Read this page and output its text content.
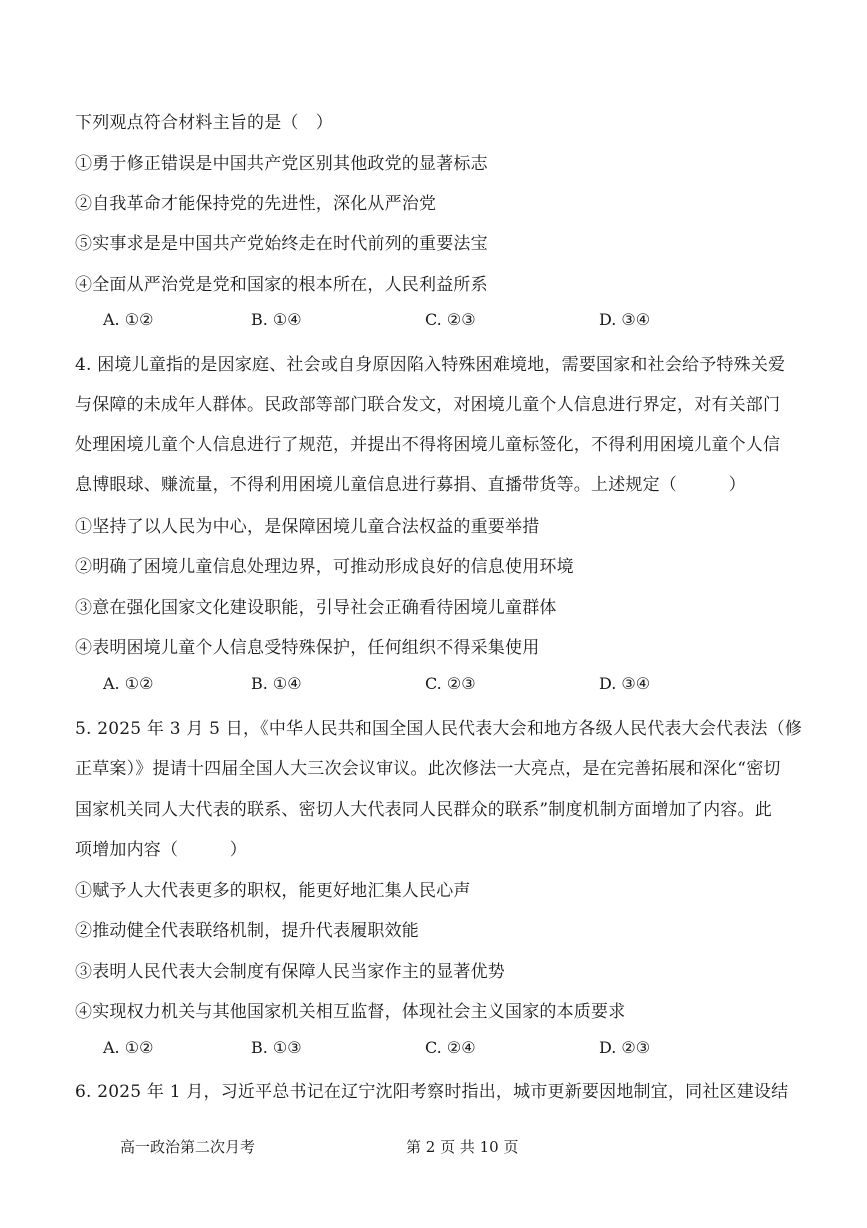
下列观点符合材料主旨的是（　）
①勇于修正错误是中国共产党区别其他政党的显著标志
②自我革命才能保持党的先进性，深化从严治党
⑤实事求是是中国共产党始终走在时代前列的重要法宝
④全面从严治党是党和国家的根本所在，人民利益所系
A. ①②	B. ①④	C. ②③	D. ③④
4. 困境儿童指的是因家庭、社会或自身原因陷入特殊困难境地，需要国家和社会给予特殊关爱
与保障的未成年人群体。民政部等部门联合发文，对困境儿童个人信息进行界定，对有关部门
处理困境儿童个人信息进行了规范，并提出不得将困境儿童标签化，不得利用困境儿童个人信
息博眼球、赚流量，不得利用困境儿童信息进行募捐、直播带货等。上述规定（　　　）
①坚持了以人民为中心，是保障困境儿童合法权益的重要举措
②明确了困境儿童信息处理边界，可推动形成良好的信息使用环境
③意在强化国家文化建设职能，引导社会正确看待困境儿童群体
④表明困境儿童个人信息受特殊保护，任何组织不得采集使用
A. ①②	B. ①④	C. ②③	D. ③④
5. 2025 年 3 月 5 日，《中华人民共和国全国人民代表大会和地方各级人民代表大会代表法（修
正草案）》提请十四届全国人大三次会议审议。此次修法一大亮点，是在完善拓展和深化“密切
国家机关同人大代表的联系、密切人大代表同人民群众的联系”制度机制方面增加了内容。此
项增加内容（　　　）
①赋予人大代表更多的职权，能更好地汇集人民心声
②推动健全代表联络机制，提升代表履职效能
③表明人民代表大会制度有保障人民当家作主的显著优势
④实现权力机关与其他国家机关相互监督，体现社会主义国家的本质要求
A. ①②	B. ①③	C. ②④	D. ②③
6. 2025 年 1 月，习近平总书记在辽宁沈阳考察时指出，城市更新要因地制宜，同社区建设结
高一政治第二次月考	第 2 页 共 10 页
